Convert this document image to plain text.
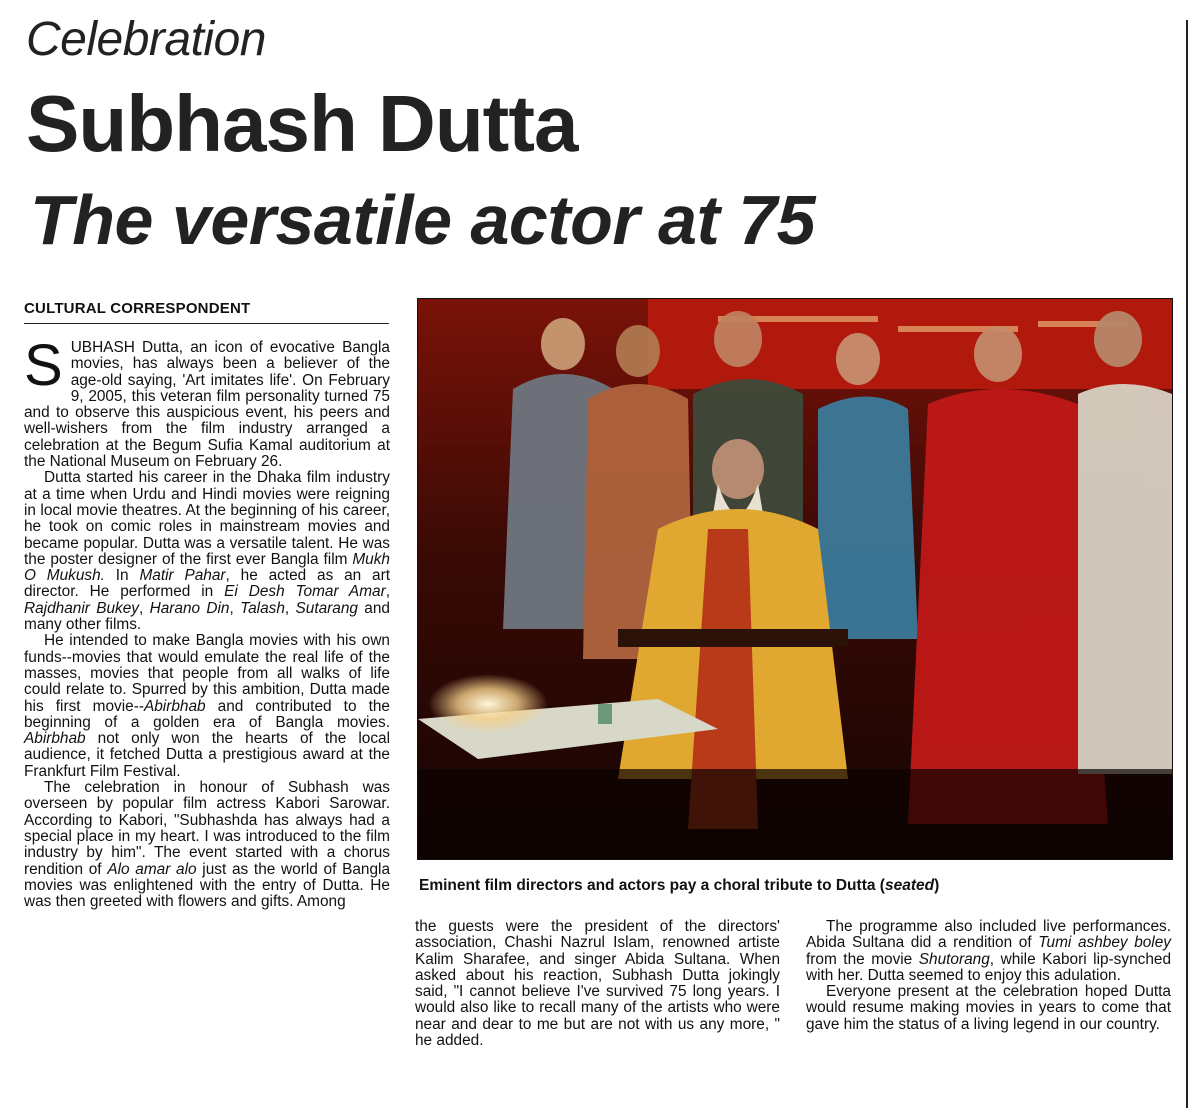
Celebration
Subhash Dutta
The versatile actor at 75
CULTURAL CORRESPONDENT

SUBHASH Dutta, an icon of evocative Bangla movies, has always been a believer of the age-old saying, 'Art imitates life'. On February 9, 2005, this veteran film personality turned 75 and to observe this auspicious event, his peers and well-wishers from the film industry arranged a celebration at the Begum Sufia Kamal auditorium at the National Museum on February 26.

Dutta started his career in the Dhaka film industry at a time when Urdu and Hindi movies were reigning in local movie theatres. At the beginning of his career, he took on comic roles in mainstream movies and became popular. Dutta was a versatile talent. He was the poster designer of the first ever Bangla film Mukh O Mukush. In Matir Pahar, he acted as an art director. He performed in Ei Desh Tomar Amar, Rajdhanir Bukey, Harano Din, Talash, Sutarang and many other films.

He intended to make Bangla movies with his own funds--movies that would emulate the real life of the masses, movies that people from all walks of life could relate to. Spurred by this ambition, Dutta made his first movie--Abirbhab and contributed to the beginning of a golden era of Bangla movies. Abirbhab not only won the hearts of the local audience, it fetched Dutta a prestigious award at the Frankfurt Film Festival.

The celebration in honour of Subhash was overseen by popular film actress Kabori Sarowar. According to Kabori, "Subhashda has always had a special place in my heart. I was introduced to the film industry by him". The event started with a chorus rendition of Alo amar alo just as the world of Bangla movies was enlightened with the entry of Dutta. He was then greeted with flowers and gifts. Among

Eminent film directors and actors pay a choral tribute to Dutta (seated)

the guests were the president of the directors' association, Chashi Nazrul Islam, renowned artiste Kalim Sharafee, and singer Abida Sultana. When asked about his reaction, Subhash Dutta jokingly said, "I cannot believe I've survived 75 long years. I would also like to recall many of the artists who were near and dear to me but are not with us any more, " he added.

The programme also included live performances. Abida Sultana did a rendition of Tumi ashbey boley from the movie Shutorang, while Kabori lip-synched with her. Dutta seemed to enjoy this adulation.

Everyone present at the celebration hoped Dutta would resume making movies in years to come that gave him the status of a living legend in our country.
